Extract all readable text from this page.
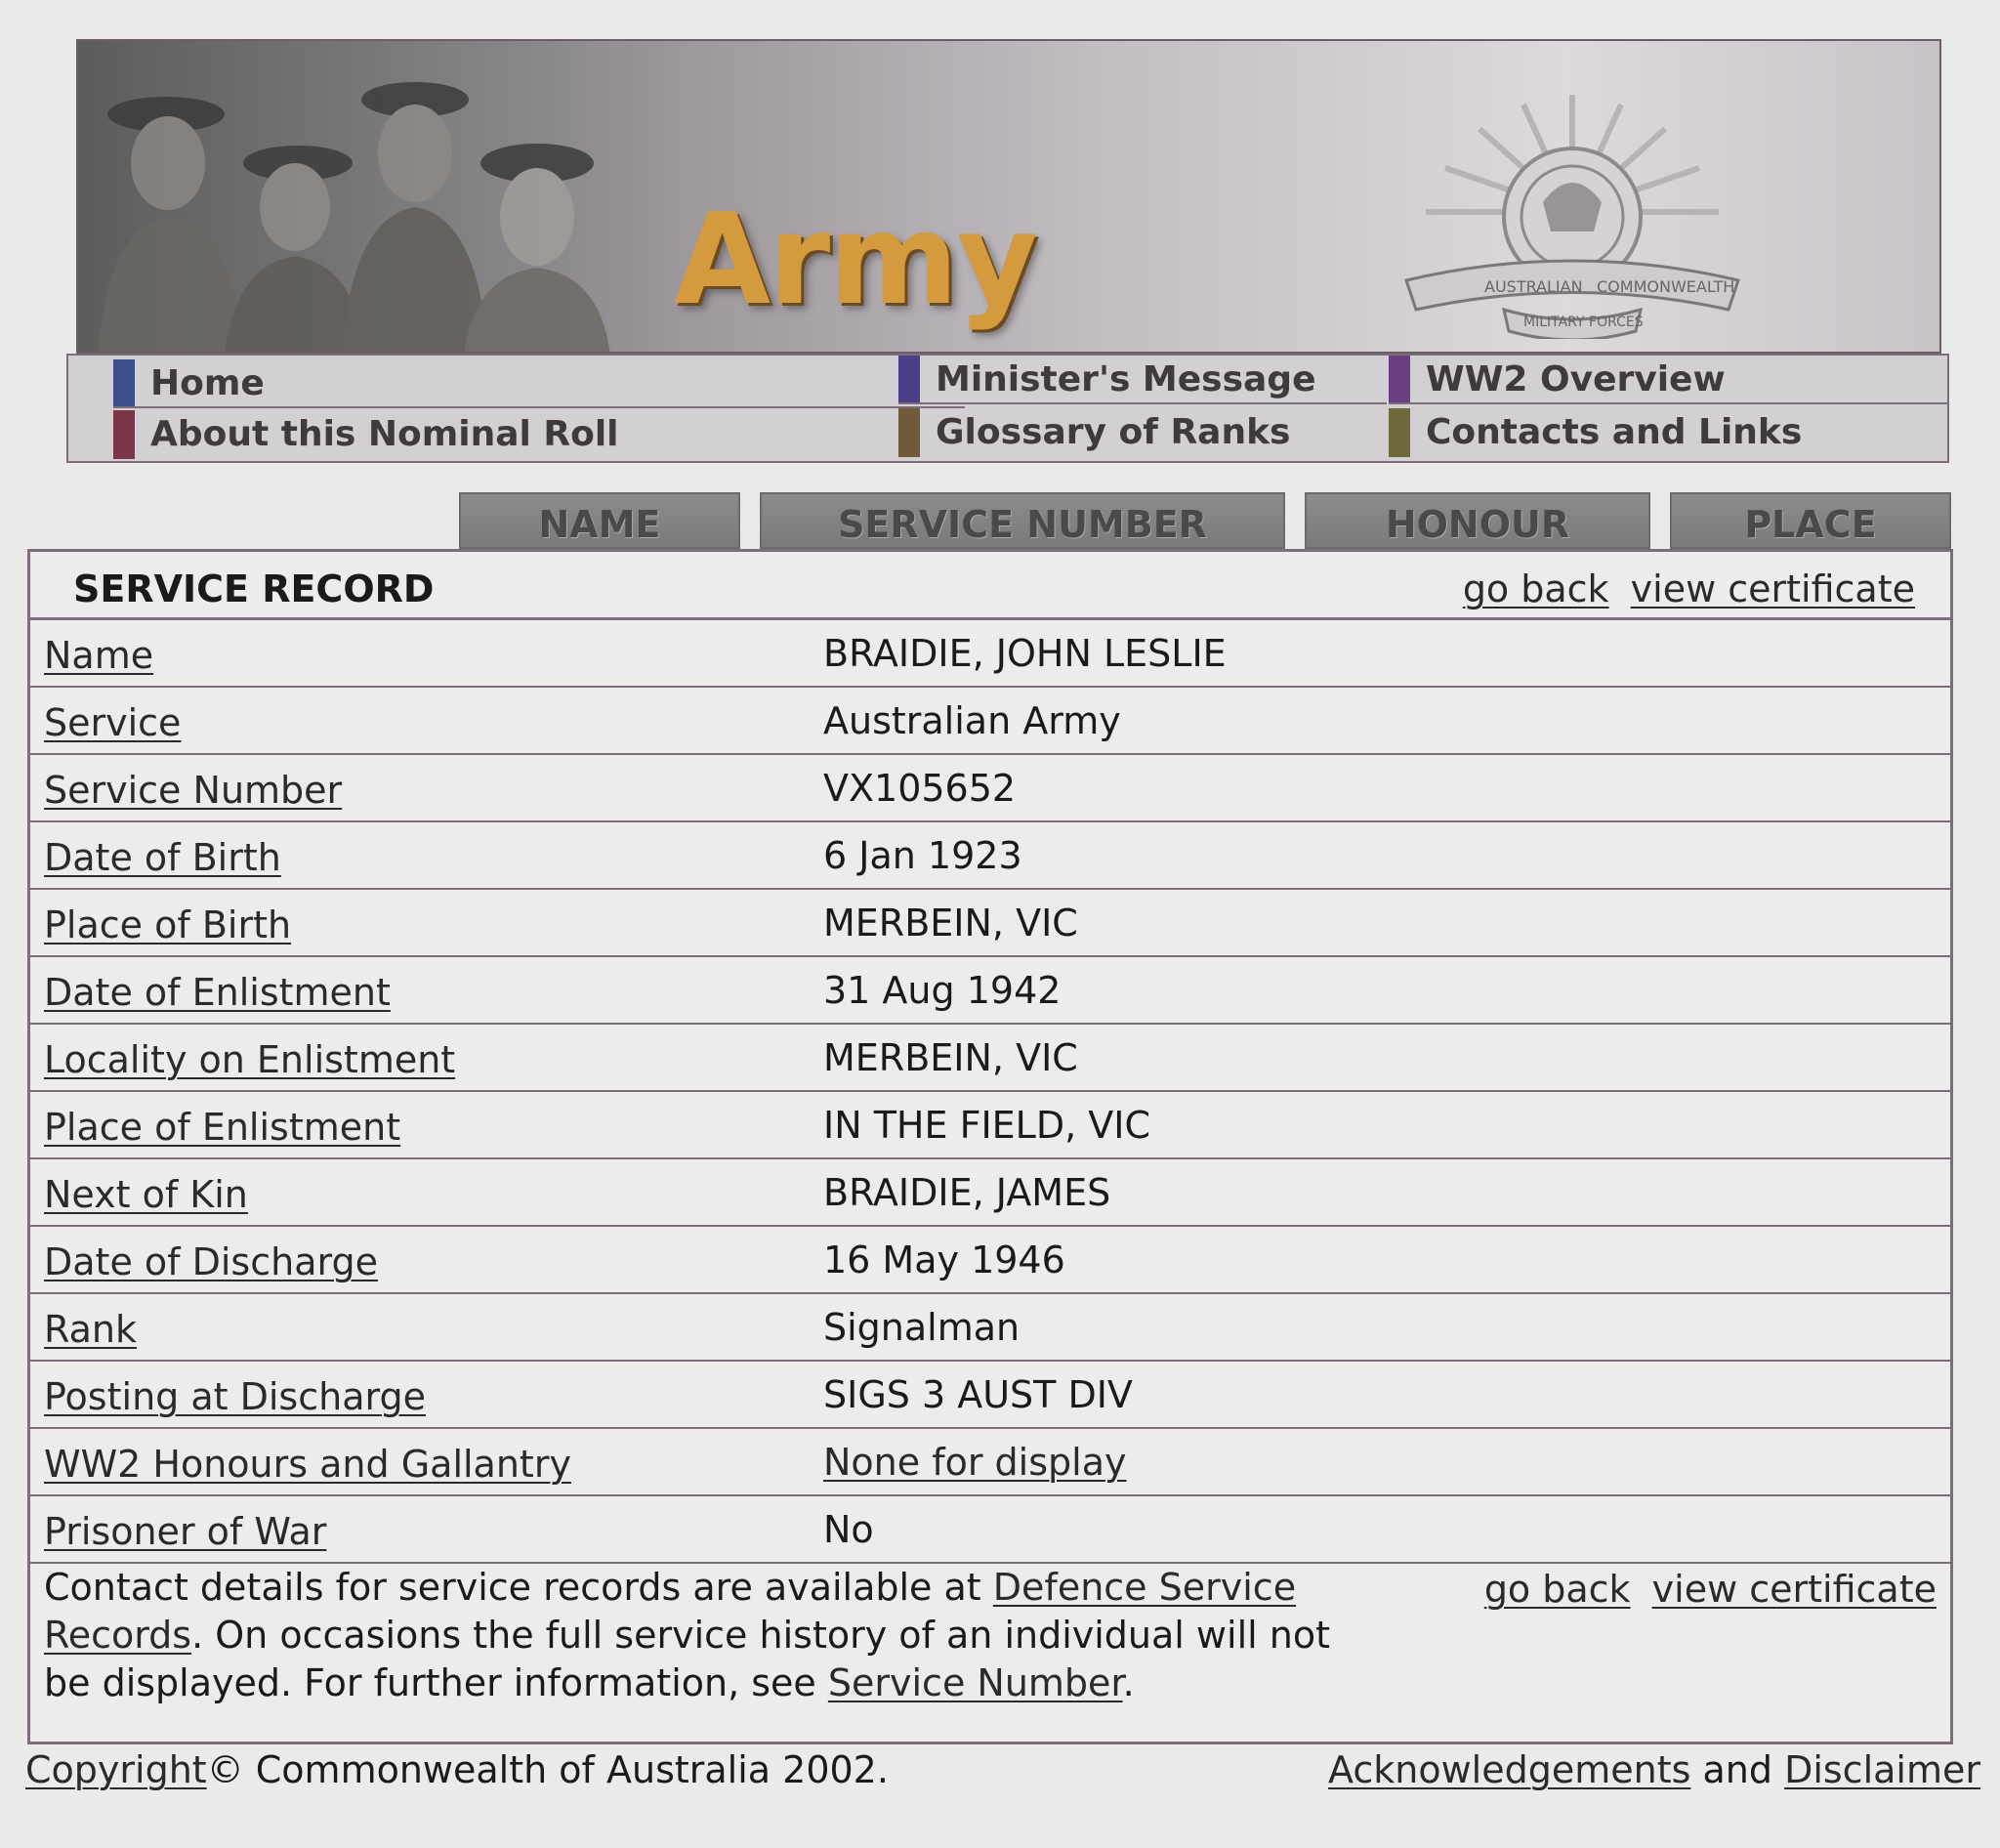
Army	AUSTRALIAN COMMONWEALTH
MILITARY FORCES
Home	Minister's Message	WW2 Overview
About this Nominal Roll	Glossary of Ranks	Contacts and Links
NAME	SERVICE NUMBER	HONOUR	PLACE
SERVICE RECORD	go back view certificate
Name	BRAIDIE, JOHN LESLIE
Service	Australian Army
Service Number	VX105652
Date of Birth	6 Jan 1923
Place of Birth	MERBEIN, VIC
Date of Enlistment	31 Aug 1942
Locality on Enlistment	MERBEIN, VIC
Place of Enlistment	IN THE FIELD, VIC
Next of Kin	BRAIDIE, JAMES
Date of Discharge	16 May 1946
Rank	Signalman
Posting at Discharge	SIGS 3 AUST DIV
WW2 Honours and Gallantry	None for display
Prisoner of War	No
Contact details for service records are available at Defence Service Records. On occasions the full service history of an individual will not be displayed. For further information, see Service Number.
go back view certificate
Copyright© Commonwealth of Australia 2002.	Acknowledgements and Disclaimer
